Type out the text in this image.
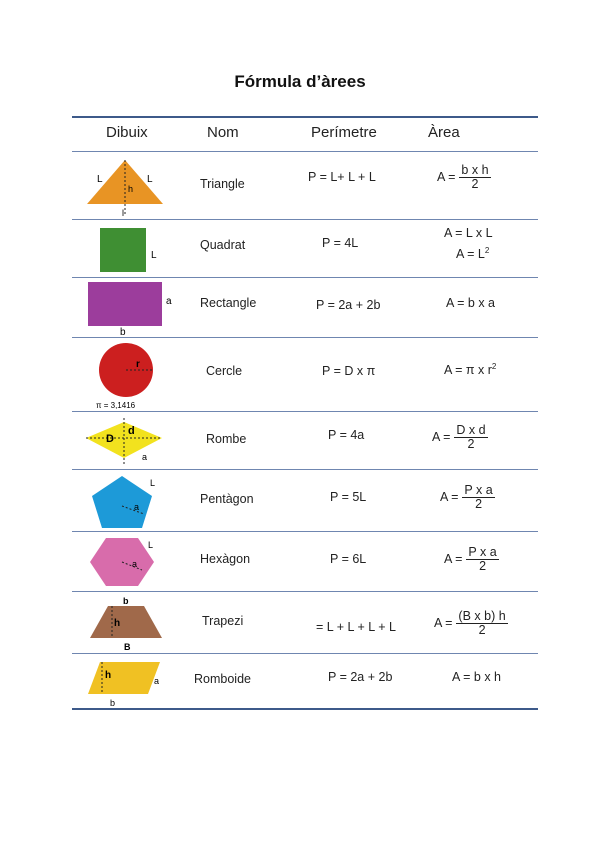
Fórmula d’àrees
Dibuix	Nom	Perímetre	Àrea
L	L
h
l
Triangle	P = L+ L + L	$A = \frac{\text{b x h}}{2}$
L
Quadrat	P = 4L
A = L x L
$A = L^2$
a
b
Rectangle	P = 2a + 2b	A = b x a
r
π = 3,1416
Cercle	P = D x π	A = π x $r^2$
D
d
a
Rombe	P = 4a	$A = \frac{\text{D x d}}{2}$
a
L
Pentàgon	P = 5L	$A = \frac{\text{P x a}}{2}$
a
L
Hexàgon	P = 6L	$A = \frac{\text{P x a}}{2}$
b
h
B
Trapezi	= L + L + L + L	$A = \frac{\text{(B x b) h}}{2}$
h	a
b
Romboide	P = 2a + 2b	A = b x h
